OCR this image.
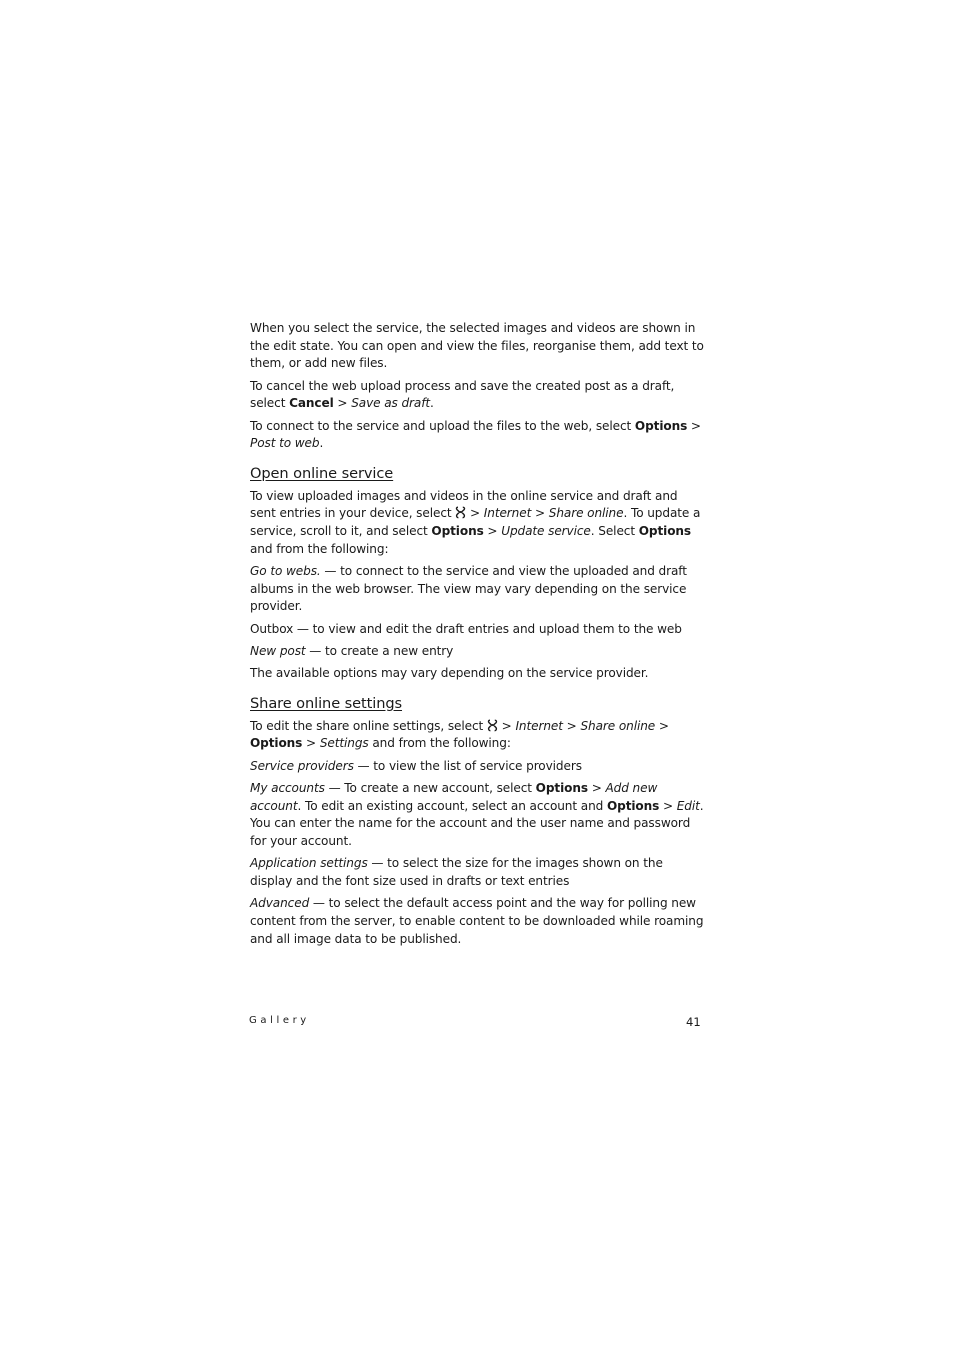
When you select the service, the selected images and videos are shown in the edit state. You can open and view the files, reorganise them, add text to them, or add new files.

To cancel the web upload process and save the created post as a draft, select Cancel > Save as draft.

To connect to the service and upload the files to the web, select Options > Post to web.

Open online service

To view uploaded images and videos in the online service and draft and sent entries in your device, select  > Internet > Share online. To update a service, scroll to it, and select Options > Update service. Select Options and from the following:

Go to webs. — to connect to the service and view the uploaded and draft albums in the web browser. The view may vary depending on the service provider.

Outbox — to view and edit the draft entries and upload them to the web

New post — to create a new entry

The available options may vary depending on the service provider.

Share online settings

To edit the share online settings, select  > Internet > Share online > Options > Settings and from the following:

Service providers — to view the list of service providers

My accounts — To create a new account, select Options > Add new account. To edit an existing account, select an account and Options > Edit. You can enter the name for the account and the user name and password for your account.

Application settings — to select the size for the images shown on the display and the font size used in drafts or text entries

Advanced — to select the default access point and the way for polling new content from the server, to enable content to be downloaded while roaming and all image data to be published.

Gallery	41
